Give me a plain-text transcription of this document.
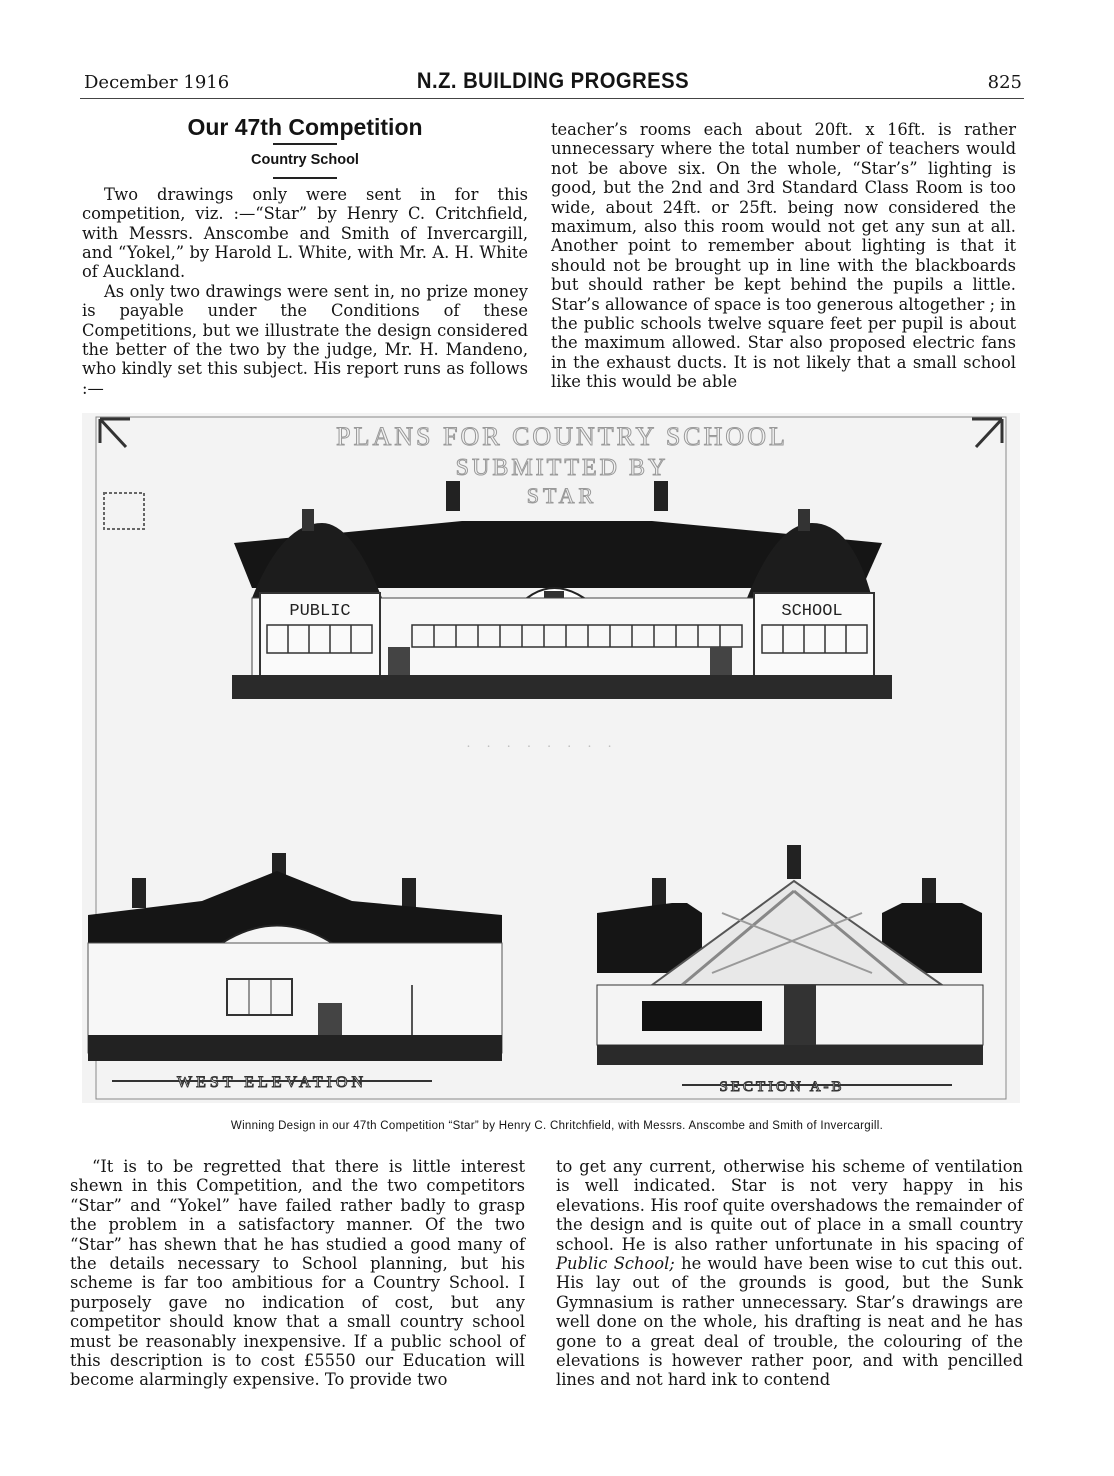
December 1916	N.Z. BUILDING PROGRESS	825
Our 47th Competition
Country School

Two drawings only were sent in for this competition, viz. :—“Star” by Henry C. Critchfield, with Messrs. Anscombe and Smith of Invercargill, and “Yokel,” by Harold L. White, with Mr. A. H. White of Auckland.

As only two drawings were sent in, no prize money is payable under the Conditions of these Competitions, but we illustrate the design considered the better of the two by the judge, Mr. H. Mandeno, who kindly set this subject. His report runs as follows :—

teacher’s rooms each about 20ft. x 16ft. is rather unnecessary where the total number of teachers would not be above six. On the whole, “Star’s” lighting is good, but the 2nd and 3rd Standard Class Room is too wide, about 24ft. or 25ft. being now considered the maximum, also this room would not get any sun at all. Another point to remember about lighting is that it should not be brought up in line with the blackboards but should rather be kept behind the pupils a little. Star’s allowance of space is too generous altogether ; in the public schools twelve square feet per pupil is about the maximum allowed. Star also proposed electric fans in the exhaust ducts. It is not likely that a small school like this would be able

PLANS FOR COUNTRY SCHOOL
SUBMITTED BY
STAR
PUBLIC	SCHOOL
· · · · · · · ·
WEST ELEVATION	SECTION A-B
Winning Design in our 47th Competition “Star” by Henry C. Chritchfield, with Messrs. Anscombe and Smith of Invercargill.

“It is to be regretted that there is little interest shewn in this Competition, and the two competitors “Star” and “Yokel” have failed rather badly to grasp the problem in a satisfactory manner. Of the two “Star” has shewn that he has studied a good many of the details necessary to School planning, but his scheme is far too ambitious for a Country School. I purposely gave no indication of cost, but any competitor should know that a small country school must be reasonably inexpensive. If a public school of this description is to cost £5550 our Education will become alarmingly expensive. To provide two

to get any current, otherwise his scheme of ventilation is well indicated. Star is not very happy in his elevations. His roof quite overshadows the remainder of the design and is quite out of place in a small country school. He is also rather unfortunate in his spacing of Public School; he would have been wise to cut this out. His lay out of the grounds is good, but the Sunk Gymnasium is rather unnecessary. Star’s drawings are well done on the whole, his drafting is neat and he has gone to a great deal of trouble, the colouring of the elevations is however rather poor, and with pencilled lines and not hard ink to contend
